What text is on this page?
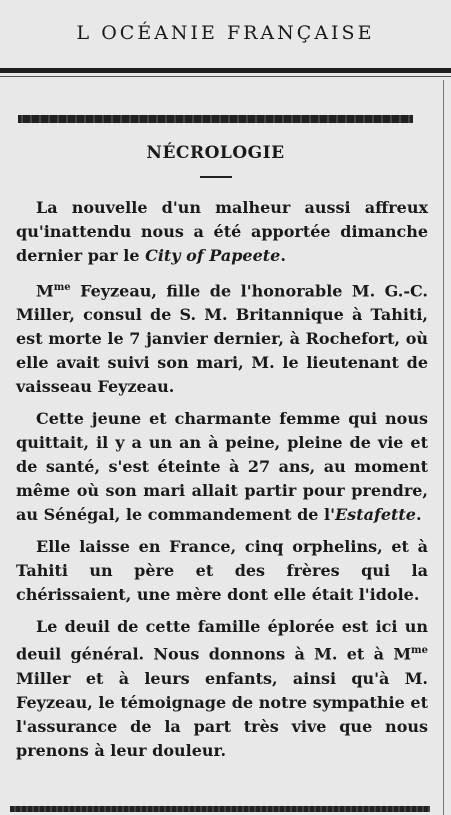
L OCÉANIE FRANÇAISE
NÉCROLOGIE

La nouvelle d'un malheur aussi affreux qu'inattendu nous a été apportée dimanche dernier par le City of Papeete.

$M^{me}$ Feyzeau, fille de l'honorable M. G.-C. Miller, consul de S. M. Britannique à Tahiti, est morte le 7 janvier dernier, à Rochefort, où elle avait suivi son mari, M. le lieutenant de vaisseau Feyzeau.

Cette jeune et charmante femme qui nous quittait, il y a un an à peine, pleine de vie et de santé, s'est éteinte à 27 ans, au moment même où son mari allait partir pour prendre, au Sénégal, le commandement de l'Estafette.

Elle laisse en France, cinq orphelins, et à Tahiti un père et des frères qui la chérissaient, une mère dont elle était l'idole.

Le deuil de cette famille éplorée est ici un deuil général. Nous donnons à M. et à $M^{me}$ Miller et à leurs enfants, ainsi qu'à M. Feyzeau, le témoignage de notre sympathie et l'assurance de la part très vive que nous prenons à leur douleur.
